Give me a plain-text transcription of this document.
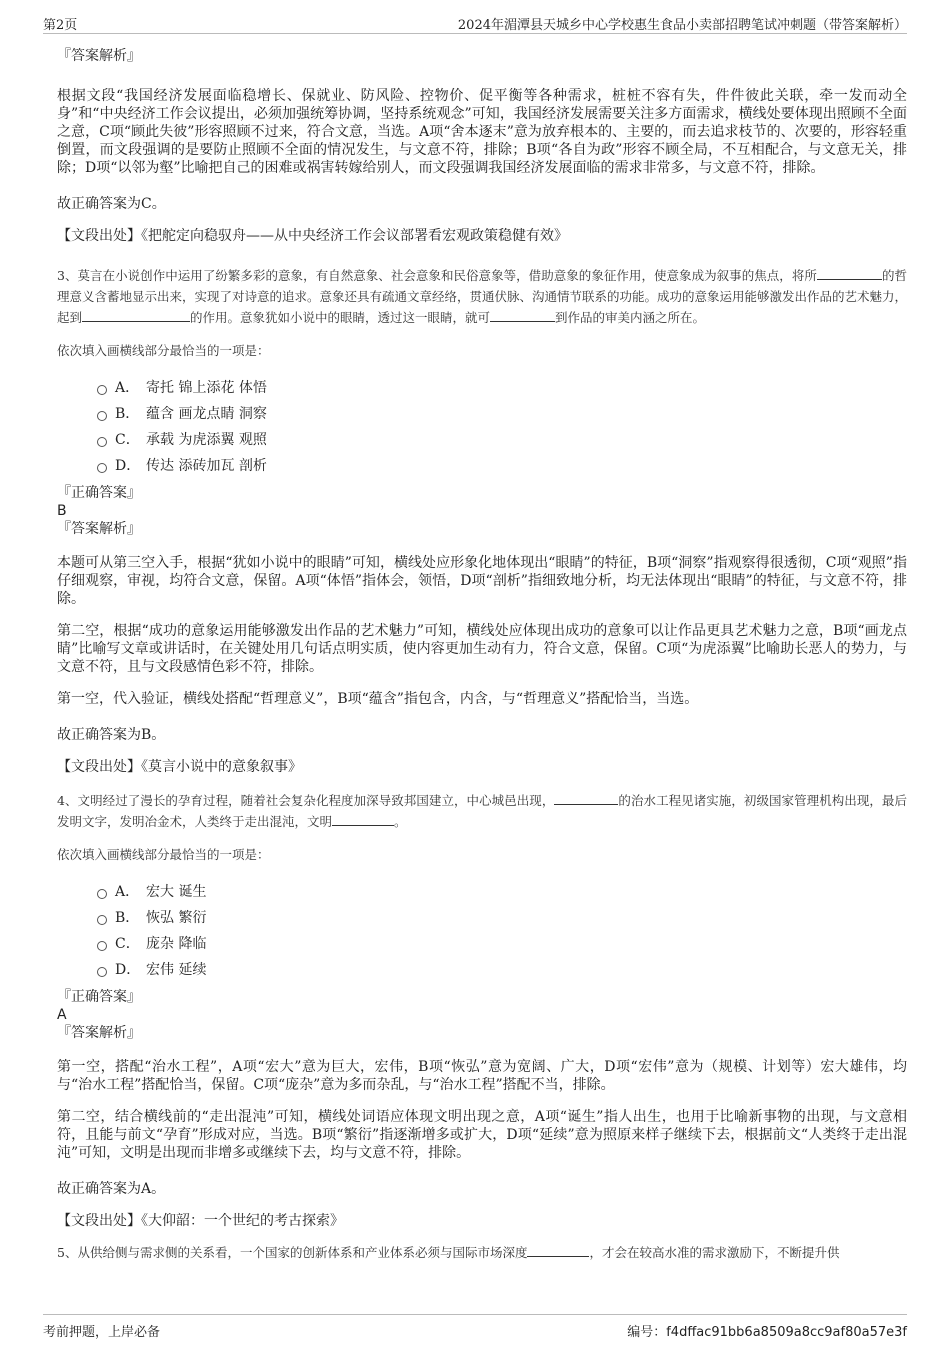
第2页	2024年湄潭县天城乡中心学校惠生食品小卖部招聘笔试冲刺题（带答案解析）

『答案解析』

根据文段“我国经济发展面临稳增长、保就业、防风险、控物价、促平衡等各种需求，桩桩不容有失，件件彼此关联，牵一发而动全身”和“中央经济工作会议提出，必须加强统筹协调，坚持系统观念”可知，我国经济发展需要关注多方面需求，横线处要体现出照顾不全面之意，C项“顾此失彼”形容照顾不过来，符合文意，当选。A项“舍本逐末”意为放弃根本的、主要的，而去追求枝节的、次要的，形容轻重倒置，而文段强调的是要防止照顾不全面的情况发生，与文意不符，排除；B项“各自为政”形容不顾全局，不互相配合，与文意无关，排除；D项“以邻为壑”比喻把自己的困难或祸害转嫁给别人，而文段强调我国经济发展面临的需求非常多，与文意不符，排除。

故正确答案为C。

【文段出处】《把舵定向稳驭舟——从中央经济工作会议部署看宏观政策稳健有效》

3、莫言在小说创作中运用了纷繁多彩的意象，有自然意象、社会意象和民俗意象等，借助意象的象征作用，使意象成为叙事的焦点，将所	的哲理意义含蓄地显示出来，实现了对诗意的追求。意象还具有疏通文章经络，贯通伏脉、沟通情节联系的功能。成功的意象运用能够激发出作品的艺术魅力，起到	的作用。意象犹如小说中的眼睛，透过这一眼睛，就可	到作品的审美内涵之所在。

依次填入画横线部分最恰当的一项是：

A． 寄托 锦上添花 体悟
B． 蕴含 画龙点睛 洞察
C． 承载 为虎添翼 观照
D． 传达 添砖加瓦 剖析

『正确答案』

B

『答案解析』

本题可从第三空入手，根据“犹如小说中的眼睛”可知，横线处应形象化地体现出“眼睛”的特征，B项“洞察”指观察得很透彻，C项“观照”指仔细观察，审视，均符合文意，保留。A项“体悟”指体会，领悟，D项“剖析”指细致地分析，均无法体现出“眼睛”的特征，与文意不符，排除。

第二空，根据“成功的意象运用能够激发出作品的艺术魅力”可知，横线处应体现出成功的意象可以让作品更具艺术魅力之意，B项“画龙点睛”比喻写文章或讲话时，在关键处用几句话点明实质，使内容更加生动有力，符合文意，保留。C项“为虎添翼”比喻助长恶人的势力，与文意不符，且与文段感情色彩不符，排除。

第一空，代入验证，横线处搭配“哲理意义”，B项“蕴含”指包含，内含，与“哲理意义”搭配恰当，当选。

故正确答案为B。

【文段出处】《莫言小说中的意象叙事》

4、文明经过了漫长的孕育过程，随着社会复杂化程度加深导致邦国建立，中心城邑出现，	的治水工程见诸实施，初级国家管理机构出现，最后发明文字，发明冶金术，人类终于走出混沌，文明	。

依次填入画横线部分最恰当的一项是：

A． 宏大 诞生
B． 恢弘 繁衍
C． 庞杂 降临
D． 宏伟 延续

『正确答案』

A

『答案解析』

第一空，搭配“治水工程”，A项“宏大”意为巨大，宏伟，B项“恢弘”意为宽阔、广大，D项“宏伟”意为（规模、计划等）宏大雄伟，均与“治水工程”搭配恰当，保留。C项“庞杂”意为多而杂乱，与“治水工程”搭配不当，排除。

第二空，结合横线前的“走出混沌”可知，横线处词语应体现文明出现之意，A项“诞生”指人出生，也用于比喻新事物的出现，与文意相符，且能与前文“孕育”形成对应，当选。B项“繁衍”指逐渐增多或扩大，D项“延续”意为照原来样子继续下去，根据前文“人类终于走出混沌”可知，文明是出现而非增多或继续下去，均与文意不符，排除。

故正确答案为A。

【文段出处】《大仰韶：一个世纪的考古探索》

5、从供给侧与需求侧的关系看，一个国家的创新体系和产业体系必须与国际市场深度	，才会在较高水准的需求激励下，不断提升供

考前押题，上岸必备	编号：f4dffac91bb6a8509a8cc9af80a57e3f
